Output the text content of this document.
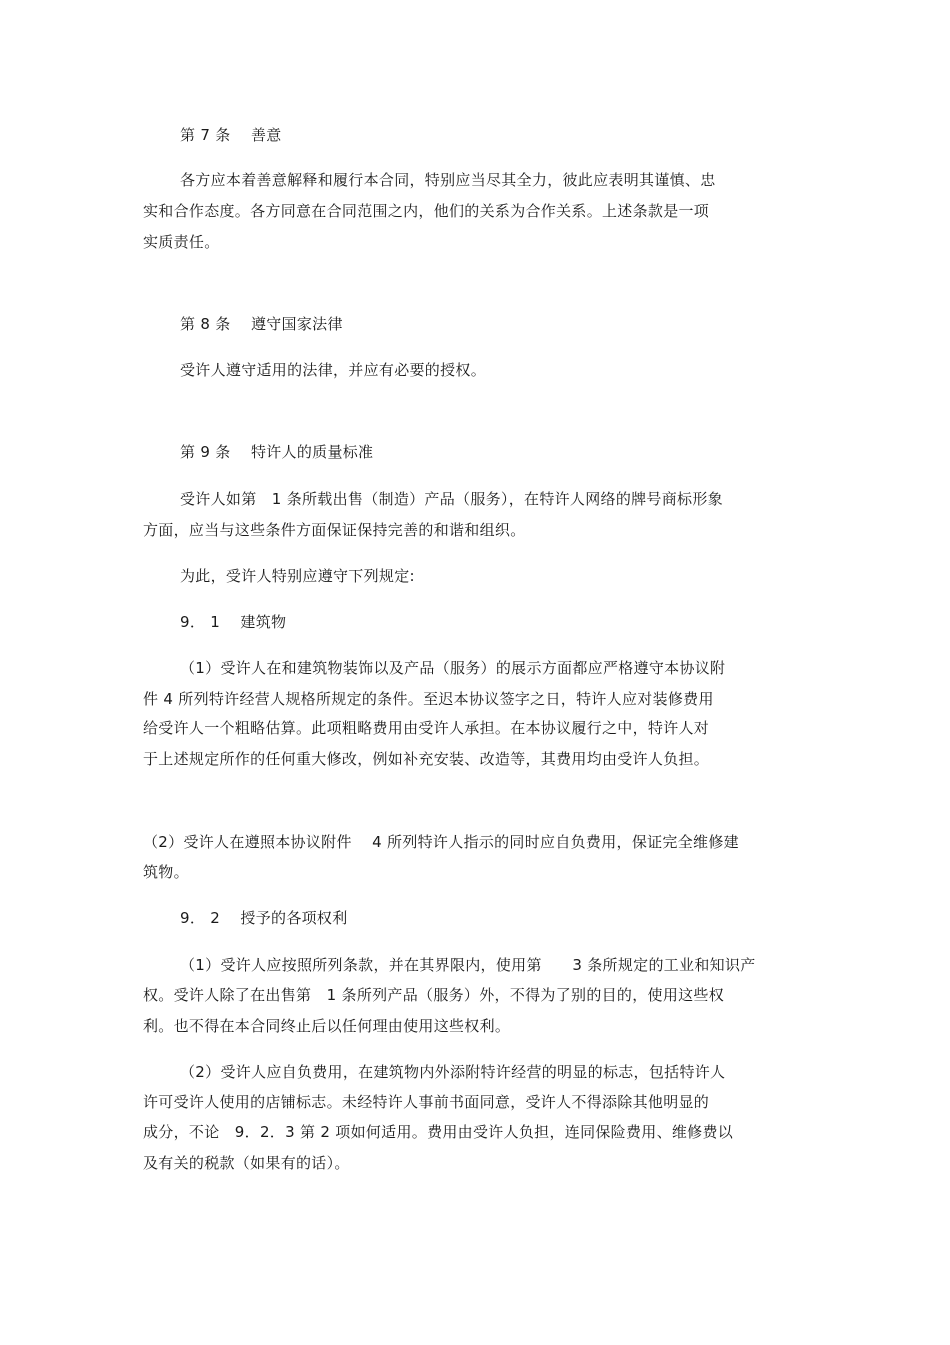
第 7 条　 善意
各方应本着善意解释和履行本合同，特别应当尽其全力，彼此应表明其谨慎、忠
实和合作态度。各方同意在合同范围之内，他们的关系为合作关系。上述条款是一项
实质责任。
第 8 条　 遵守国家法律
受许人遵守适用的法律，并应有必要的授权。
第 9 条　 特许人的质量标准
受许人如第　1 条所载出售（制造）产品（服务），在特许人网络的牌号商标形象
方面，应当与这些条件方面保证保持完善的和谐和组织。
为此，受许人特别应遵守下列规定:
9． 1　 建筑物
（1）受许人在和建筑物装饰以及产品（服务）的展示方面都应严格遵守本协议附
件 4 所列特许经营人规格所规定的条件。至迟本协议签字之日，特许人应对装修费用
给受许人一个粗略估算。此项粗略费用由受许人承担。在本协议履行之中，特许人对
于上述规定所作的任何重大修改，例如补充安装、改造等，其费用均由受许人负担。
（2）受许人在遵照本协议附件　 4 所列特许人指示的同时应自负费用，保证完全维修建
筑物。
9． 2　 授予的各项权利
（1）受许人应按照所列条款，并在其界限内，使用第　　3 条所规定的工业和知识产
权。受许人除了在出售第　1 条所列产品（服务）外，不得为了别的目的，使用这些权
利。也不得在本合同终止后以任何理由使用这些权利。
（2）受许人应自负费用，在建筑物内外添附特许经营的明显的标志，包括特许人
许可受许人使用的店铺标志。未经特许人事前书面同意，受许人不得添除其他明显的
成分，不论　9．2．3 第 2 项如何适用。费用由受许人负担，连同保险费用、维修费以
及有关的税款（如果有的话）。
